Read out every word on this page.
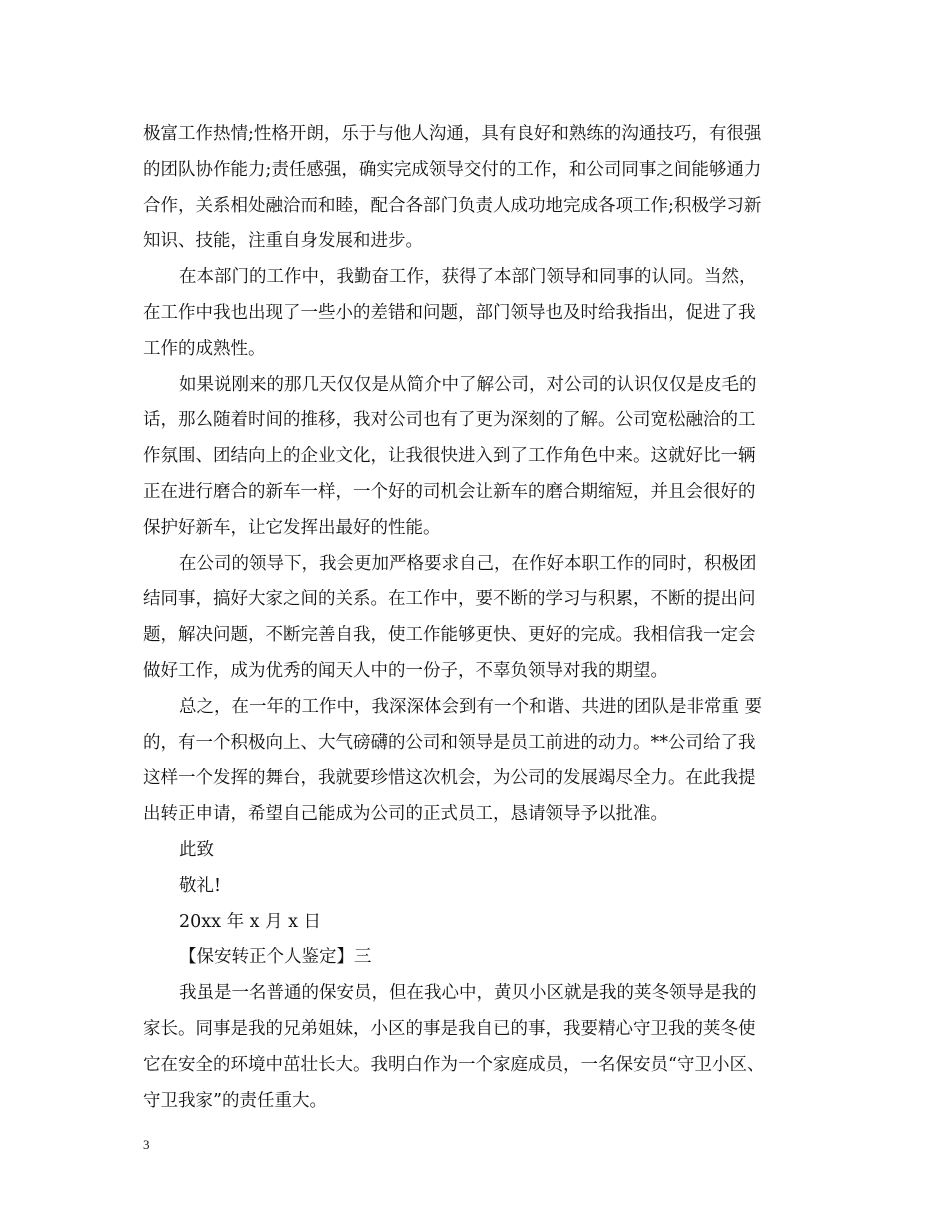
极富工作热情;性格开朗，乐于与他人沟通，具有良好和熟练的沟通技巧，有很强
的团队协作能力;责任感强，确实完成领导交付的工作，和公司同事之间能够通力
合作，关系相处融洽而和睦，配合各部门负责人成功地完成各项工作;积极学习新
知识、技能，注重自身发展和进步。
在本部门的工作中，我勤奋工作，获得了本部门领导和同事的认同。当然，
在工作中我也出现了一些小的差错和问题，部门领导也及时给我指出，促进了我
工作的成熟性。
如果说刚来的那几天仅仅是从简介中了解公司，对公司的认识仅仅是皮毛的
话，那么随着时间的推移，我对公司也有了更为深刻的了解。公司宽松融洽的工
作氛围、团结向上的企业文化，让我很快进入到了工作角色中来。这就好比一辆
正在进行磨合的新车一样，一个好的司机会让新车的磨合期缩短，并且会很好的
保护好新车，让它发挥出最好的性能。
在公司的领导下，我会更加严格要求自己，在作好本职工作的同时，积极团
结同事，搞好大家之间的关系。在工作中，要不断的学习与积累，不断的提出问
题，解决问题，不断完善自我，使工作能够更快、更好的完成。我相信我一定会
做好工作，成为优秀的闻天人中的一份子，不辜负领导对我的期望。
总之，在一年的工作中，我深深体会到有一个和谐、共进的团队是非常重 要
的，有一个积极向上、大气磅礴的公司和领导是员工前进的动力。**公司给了我
这样一个发挥的舞台，我就要珍惜这次机会，为公司的发展竭尽全力。在此我提
出转正申请，希望自己能成为公司的正式员工，恳请领导予以批准。
此致
敬礼!
20xx 年 x 月 x 日
【保安转正个人鉴定】三
我虽是一名普通的保安员，但在我心中，黄贝小区就是我的荚冬领导是我的
家长。同事是我的兄弟姐妹，小区的事是我自已的事，我要精心守卫我的荚冬使
它在安全的环境中茁壮长大。我明白作为一个家庭成员，一名保安员“守卫小区、
守卫我家”的责任重大。
3
